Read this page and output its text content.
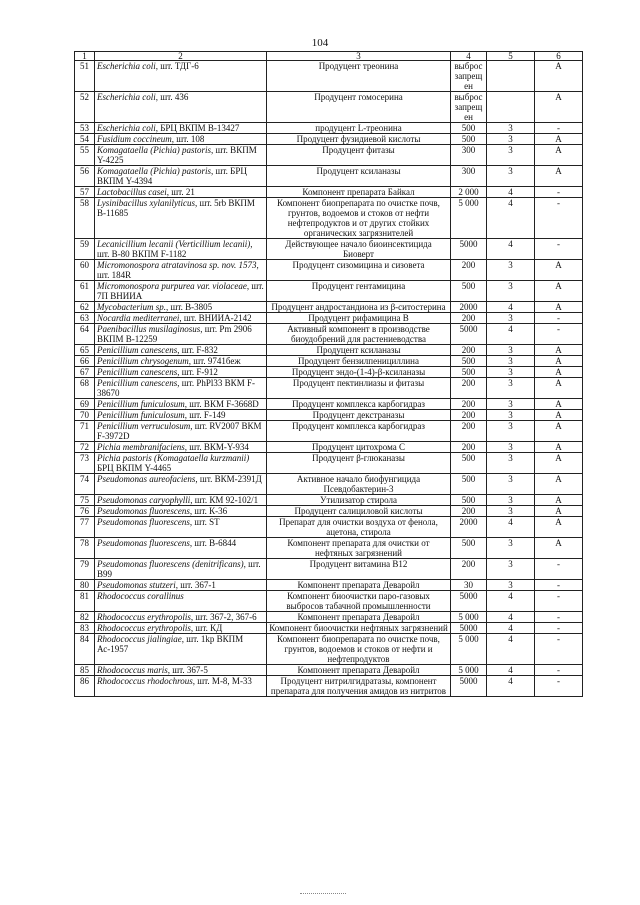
104
1	2	3	4	5	6
51	Escherichia coli, шт. ТДГ-6	Продуцент треонина	выброс запрещ ен		А
52	Escherichia coli, шт. 436	Продуцент гомосерина	выброс запрещ ен		А
53	Escherichia coli, БРЦ ВКПМ В-13427	продуцент L-треонина	500	3	-
54	Fusidium coccineum, шт. 108	Продуцент фузидиевой кислоты	500	3	А
55	Komagataella (Pichia) pastoris, шт. ВКПМ Y-4225	Продуцент фитазы	300	3	А
56	Komagataella (Pichia) pastoris, шт. БРЦ ВКПМ Y-4394	Продуцент ксиланазы	300	3	А
57	Lactobacillus casei, шт. 21	Компонент препарата Байкал	2 000	4	-
58	Lysinibacillus xylanilyticus, шт. 5rb ВКПМ В-11685	Компонент биопрепарата по очистке почв, грунтов, водоемов и стоков от нефти нефтепродуктов и от других стойких органических загрязнителей	5 000	4	-
59	Lecanicillium lecanii (Verticillium lecanii), шт. В-80 ВКПМ F-1182	Действующее начало биоинсектицида Биоверт	5000	4	-
60	Micromonospora atratavinosa sp. nov. 1573, шт. 184R	Продуцент сизомицина и сизовета	200	3	А
61	Micromonospora purpurea var. violaceae, шт. 7П ВНИИА	Продуцент гентамицина	500	3	А
62	Mycobacterium sp., шт. В-3805	Продуцент андростандиона из β-ситостерина	2000	4	А
63	Nocardia mediterranei, шт. ВНИИА-2142	Продуцент рифамицина В	200	3	-
64	Paenibacillus musilaginosus, шт. Pm 2906 ВКПМ В-12259	Активный компонент в производстве биоудобрений для растениеводства	5000	4	-
65	Penicillium canescens, шт. F-832	Продуцент ксиланазы	200	3	А
66	Penicillium chrysogenum, шт. 9741беж	Продуцент бензилпенициллина	500	3	А
67	Penicillium canescens, шт. F-912	Продуцент эндо-(1-4)-β-ксиланазы	500	3	А
68	Penicillium canescens, шт. PhPl33 ВКМ F-38670	Продуцент пектинлиазы и фитазы	200	3	А
69	Penicillium funiculosum, шт. ВКМ F-3668D	Продуцент комплекса карбогидраз	200	3	А
70	Penicillium funiculosum, шт. F-149	Продуцент декстраназы	200	3	А
71	Penicillium verruculosum, шт. RV2007 ВКМ F-3972D	Продуцент комплекса карбогидраз	200	3	А
72	Pichia membranifaciens, шт. ВКМ-Y-934	Продуцент цитохрома С	200	3	А
73	Pichia pastoris (Komagataella kurzmanii) БРЦ ВКПМ Y-4465	Продуцент β-глюканазы	500	3	А
74	Pseudomonas aureofaciens, шт. ВКМ-2391Д	Активное начало биофунгицида Псевдобактерин-3	500	3	А
75	Pseudomonas caryophylli, шт. КМ 92-102/1	Утилизатор стирола	500	3	А
76	Pseudomonas fluorescens, шт. К-36	Продуцент салициловой кислоты	200	3	А
77	Pseudomonas fluorescens, шт. ST	Препарат для очистки воздуха от фенола, ацетона, стирола	2000	4	А
78	Pseudomonas fluorescens, шт. В-6844	Компонент препарата для очистки от нефтяных загрязнений	500	3	А
79	Pseudomonas fluorescens (denitrificans), шт. В99	Продуцент витамина В12	200	3	-
80	Pseudomonas stutzeri, шт. 367-1	Компонент препарата Деваройл	30	3	-
81	Rhodococcus corallinus	Компонент биоочистки паро-газовых выбросов табачной промышленности	5000	4	-
82	Rhodococcus erythropolis, шт. 367-2, 367-6	Компонент препарата Деваройл	5 000	4	-
83	Rhodococcus erythropolis, шт. КД	Компонент биоочистки нефтяных загрязнений	5000	4	-
84	Rhodococcus jialingiae, шт. 1kp ВКПМ Ас-1957	Компонент биопрепарата по очистке почв, грунтов, водоемов и стоков от нефти и нефтепродуктов	5 000	4	-
85	Rhodococcus maris, шт. 367-5	Компонент препарата Деваройл	5 000	4	-
86	Rhodococcus rhodochrous, шт. М-8, М-33	Продуцент нитрилгидратазы, компонент препарата для получения амидов из нитритов	5000	4	-
